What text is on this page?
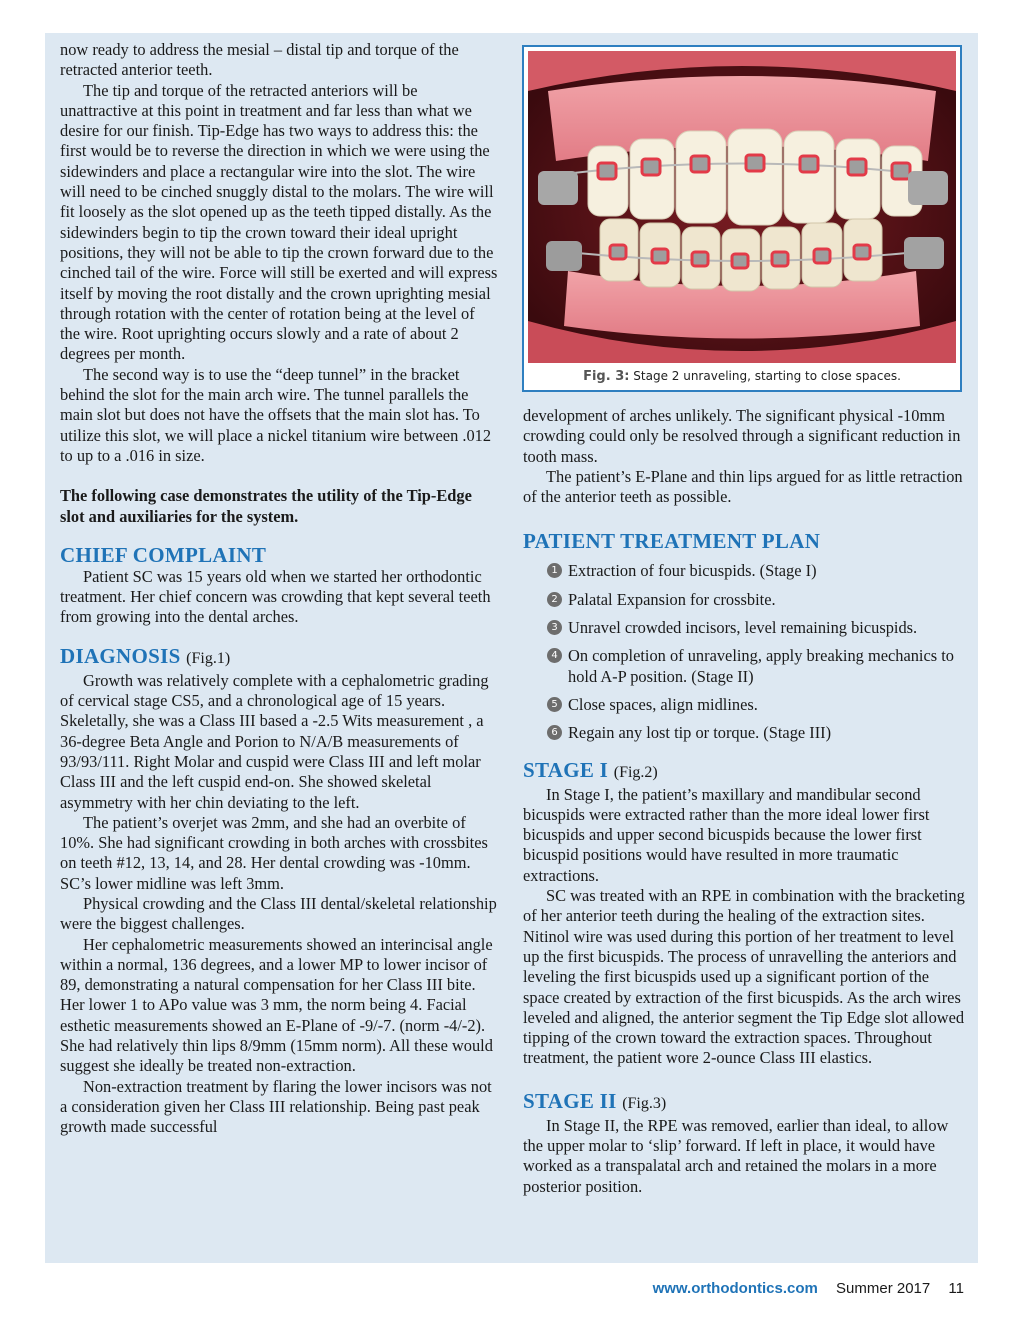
now ready to address the mesial – distal tip and torque of the retracted anterior teeth.

The tip and torque of the retracted anteriors will be unattractive at this point in treatment and far less than what we desire for our finish. Tip-Edge has two ways to address this: the first would be to reverse the direction in which we were using the sidewinders and place a rectangular wire into the slot. The wire will need to be cinched snuggly distal to the molars. The wire will fit loosely as the slot opened up as the teeth tipped distally. As the sidewinders begin to tip the crown toward their ideal upright positions, they will not be able to tip the crown forward due to the cinched tail of the wire. Force will still be exerted and will express itself by moving the root distally and the crown uprighting mesial through rotation with the center of rotation being at the level of the wire. Root uprighting occurs slowly and a rate of about 2 degrees per month.

The second way is to use the “deep tunnel” in the bracket behind the slot for the main arch wire. The tunnel parallels the main slot but does not have the offsets that the main slot has. To utilize this slot, we will place a nickel titanium wire between .012 to up to a .016 in size.

The following case demonstrates the utility of the Tip-Edge slot and auxiliaries for the system.

CHIEF COMPLAINT

Patient SC was 15 years old when we started her orthodontic treatment. Her chief concern was crowding that kept several teeth from growing into the dental arches.

DIAGNOSIS (Fig.1)

Growth was relatively complete with a cephalometric grading of cervical stage CS5, and a chronological age of 15 years. Skeletally, she was a Class III based a -2.5 Wits measurement , a 36-degree Beta Angle and Porion to N/A/B measurements of 93/93/111. Right Molar and cuspid were Class III and left molar Class III and the left cuspid end-on. She showed skeletal asymmetry with her chin deviating to the left.

The patient’s overjet was 2mm, and she had an overbite of 10%. She had significant crowding in both arches with crossbites on teeth #12, 13, 14, and 28. Her dental crowding was -10mm. SC’s lower midline was left 3mm.

Physical crowding and the Class III dental/skeletal relationship were the biggest challenges.

Her cephalometric measurements showed an interincisal angle within a normal, 136 degrees, and a lower MP to lower incisor of 89, demonstrating a natural compensation for her Class III bite. Her lower 1 to APo value was 3 mm, the norm being 4. Facial esthetic measurements showed an E-Plane of -9/-7. (norm -4/-2). She had relatively thin lips 8/9mm (15mm norm). All these would suggest she ideally be treated non-extraction.

Non-extraction treatment by flaring the lower incisors was not a consideration given her Class III relationship. Being past peak growth made successful

Fig. 3: Stage 2 unraveling, starting to close spaces.

development of arches unlikely. The significant physical -10mm crowding could only be resolved through a significant reduction in tooth mass.

The patient’s E-Plane and thin lips argued for as little retraction of the anterior teeth as possible.

PATIENT TREATMENT PLAN
1 Extraction of four bicuspids. (Stage I)
2 Palatal Expansion for crossbite.
3 Unravel crowded incisors, level remaining bicuspids.
4 On completion of unraveling, apply breaking mechanics to hold A-P position. (Stage II)
5 Close spaces, align midlines.
6 Regain any lost tip or torque. (Stage III)
STAGE I (Fig.2)

In Stage I, the patient’s maxillary and mandibular second bicuspids were extracted rather than the more ideal lower first bicuspids and upper second bicuspids because the lower first bicuspid positions would have resulted in more traumatic extractions.

SC was treated with an RPE in combination with the bracketing of her anterior teeth during the healing of the extraction sites. Nitinol wire was used during this portion of her treatment to level up the first bicuspids. The process of unravelling the anteriors and leveling the first bicuspids used up a significant portion of the space created by extraction of the first bicuspids. As the arch wires leveled and aligned, the anterior segment the Tip Edge slot allowed tipping of the crown toward the extraction spaces. Throughout treatment, the patient wore 2-ounce Class III elastics.

STAGE II (Fig.3)

In Stage II, the RPE was removed, earlier than ideal, to allow the upper molar to ‘slip’ forward. If left in place, it would have worked as a transpalatal arch and retained the molars in a more posterior position.

www.orthodontics.com Summer 2017 11
